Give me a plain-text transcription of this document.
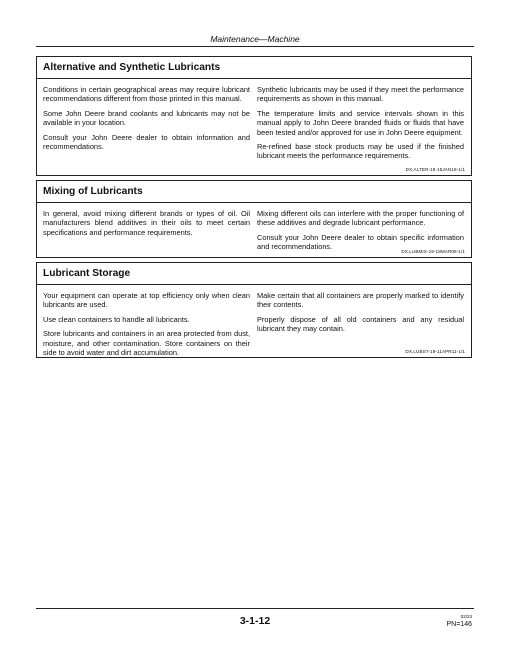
Maintenance—Machine
Alternative and Synthetic Lubricants

Conditions in certain geographical areas may require lubricant recommendations different from those printed in this manual.

Some John Deere brand coolants and lubricants may not be available in your location.

Consult your John Deere dealer to obtain information and recommendations.

Synthetic lubricants may be used if they meet the performance requirements as shown in this manual.

The temperature limits and service intervals shown in this manual apply to John Deere branded fluids or fluids that have been tested and/or approved for use in John Deere equipment.

Re-refined base stock products may be used if the finished lubricant meets the performance requirements.

DX,ALTER-19-15JAN18-1/1
Mixing of Lubricants

In general, avoid mixing different brands or types of oil. Oil manufacturers blend additives in their oils to meet certain specifications and performance requirements.

Mixing different oils can interfere with the proper functioning of these additives and degrade lubricant performance.

Consult your John Deere dealer to obtain specific information and recommendations.

DX,LUBMIX-19-18MAR08-1/1
Lubricant Storage

Your equipment can operate at top efficiency only when clean lubricants are used.

Use clean containers to handle all lubricants.

Store lubricants and containers in an area protected from dust, moisture, and other contamination. Store containers on their side to avoid water and dirt accumulation.

Make certain that all containers are properly marked to identify their contents.

Properly dispose of all old containers and any residual lubricant they may contain.

DX,LUBST-19-11APR11-1/1
3-1-12	02/23
PN=146
